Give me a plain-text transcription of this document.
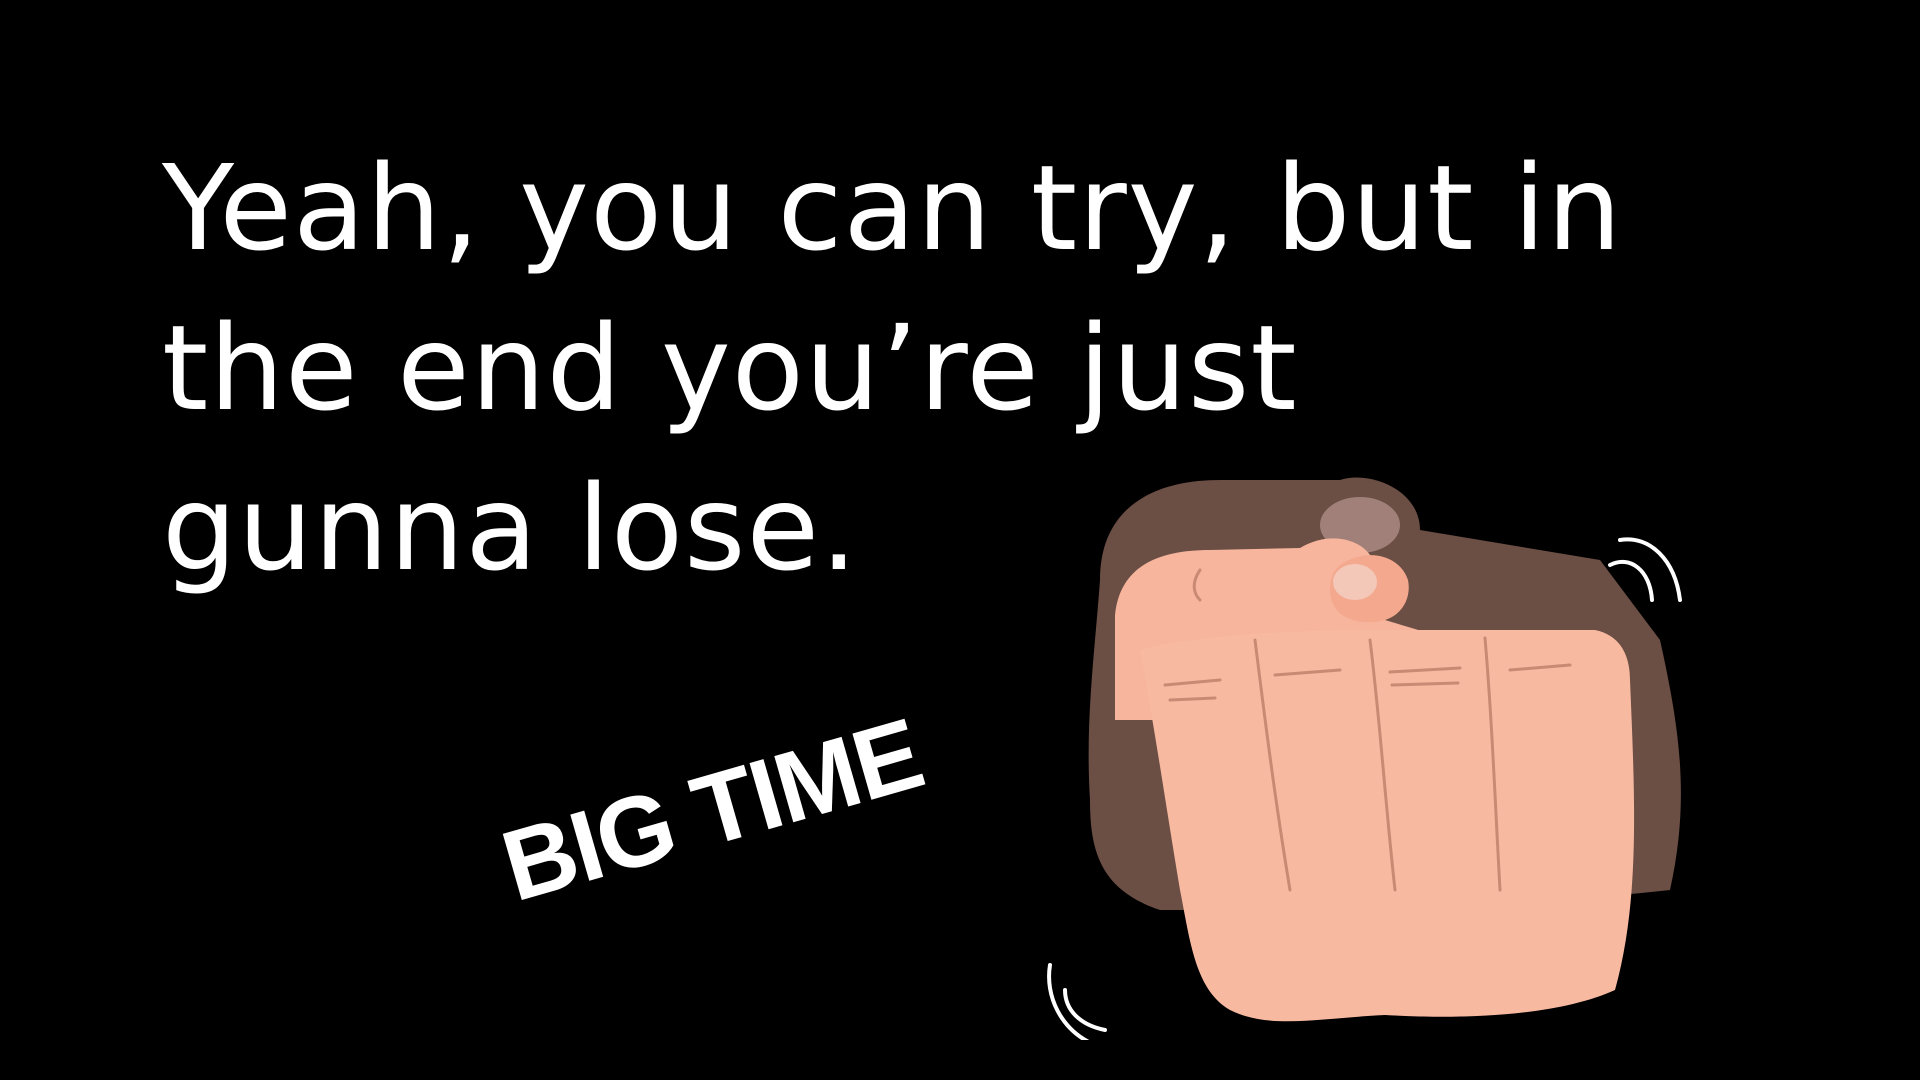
Yeah, you can try, but in
the end you’re just
gunna lose.
BIG TIME
